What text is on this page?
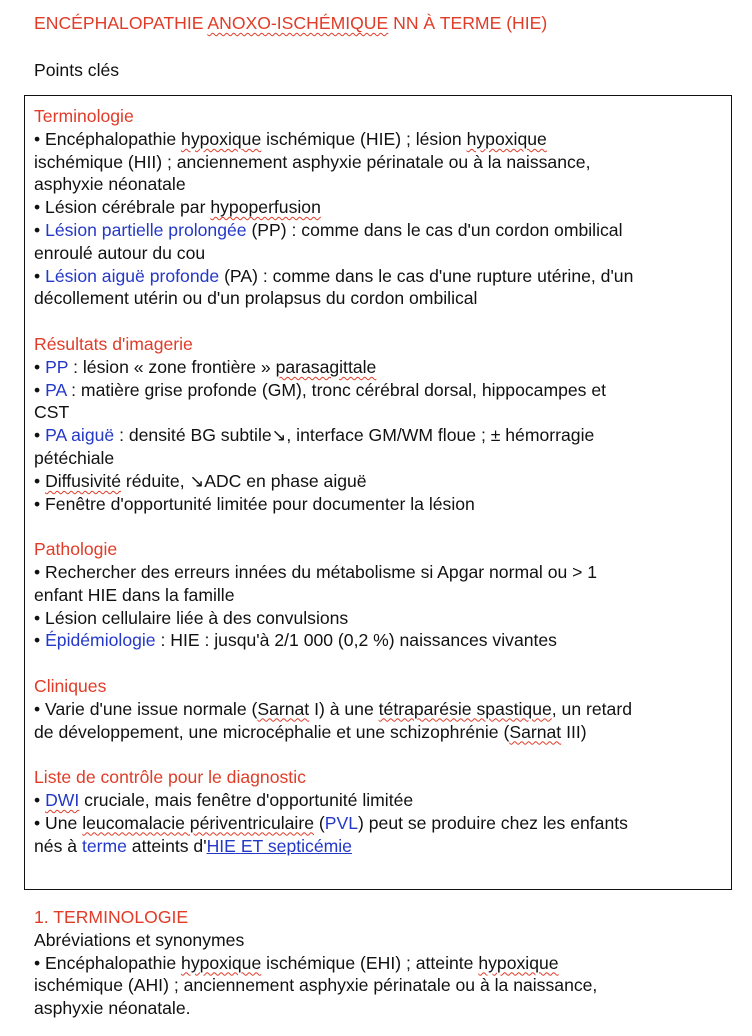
ENCÉPHALOPATHIE ANOXO-ISCHÉMIQUE NN À TERME (HIE)
Points clés
Terminologie
• Encéphalopathie hypoxique ischémique (HIE) ; lésion hypoxique
ischémique (HII) ; anciennement asphyxie périnatale ou à la naissance,
asphyxie néonatale
• Lésion cérébrale par hypoperfusion
• Lésion partielle prolongée (PP) : comme dans le cas d'un cordon ombilical
enroulé autour du cou
• Lésion aiguë profonde (PA) : comme dans le cas d'une rupture utérine, d'un
décollement utérin ou d'un prolapsus du cordon ombilical
Résultats d'imagerie
• PP : lésion « zone frontière » parasagittale
• PA : matière grise profonde (GM), tronc cérébral dorsal, hippocampes et
CST
• PA aiguë : densité BG subtile↘, interface GM/WM floue ; ± hémorragie
pétéchiale
• Diffusivité réduite, ↘ADC en phase aiguë
• Fenêtre d'opportunité limitée pour documenter la lésion
Pathologie
• Rechercher des erreurs innées du métabolisme si Apgar normal ou > 1
enfant HIE dans la famille
• Lésion cellulaire liée à des convulsions
• Épidémiologie : HIE : jusqu'à 2/1 000 (0,2 %) naissances vivantes
Cliniques
• Varie d'une issue normale (Sarnat I) à une tétraparésie spastique, un retard
de développement, une microcéphalie et une schizophrénie (Sarnat III)
Liste de contrôle pour le diagnostic
• DWI cruciale, mais fenêtre d'opportunité limitée
• Une leucomalacie périventriculaire (PVL) peut se produire chez les enfants
nés à terme atteints d'HIE ET septicémie
1. TERMINOLOGIE
Abréviations et synonymes
• Encéphalopathie hypoxique ischémique (EHI) ; atteinte hypoxique
ischémique (AHI) ; anciennement asphyxie périnatale ou à la naissance,
asphyxie néonatale.
